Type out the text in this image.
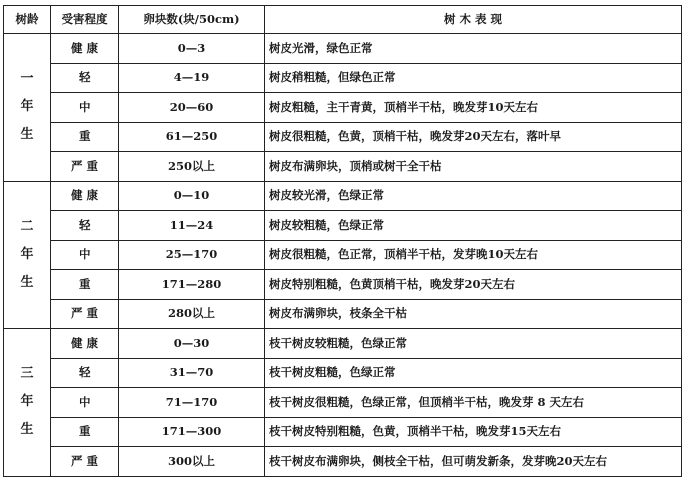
树龄	受害程度	卵块数(块/50cm)	树 木 表 现

一
年
生	健 康	0—3	树皮光滑，绿色正常
	轻	4—19	树皮稍粗糙，但绿色正常
	中	20—60	树皮粗糙，主干青黄，顶梢半干枯，晚发芽10天左右
	重	61—250	树皮很粗糙，色黄，顶梢干枯，晚发芽20天左右，落叶早
	严 重	250以上	树皮布满卵块，顶梢或树干全干枯

二
年
生	健 康	0—10	树皮较光滑，色绿正常
	轻	11—24	树皮较粗糙，色绿正常
	中	25—170	树皮很粗糙，色正常，顶梢半干枯，发芽晚10天左右
	重	171—280	树皮特别粗糙，色黄顶梢干枯，晚发芽20天左右
	严 重	280以上	树皮布满卵块，枝条全干枯

三
年
生	健 康	0—30	枝干树皮较粗糙，色绿正常
	轻	31—70	枝干树皮粗糙，色绿正常
	中	71—170	枝干树皮很粗糙，色绿正常，但顶梢半干枯，晚发芽 8 天左右
	重	171—300	枝干树皮特别粗糙，色黄，顶梢半干枯，晚发芽15天左右
	严 重	300以上	枝干树皮布满卵块，侧枝全干枯，但可萌发新条，发芽晚20天左右
